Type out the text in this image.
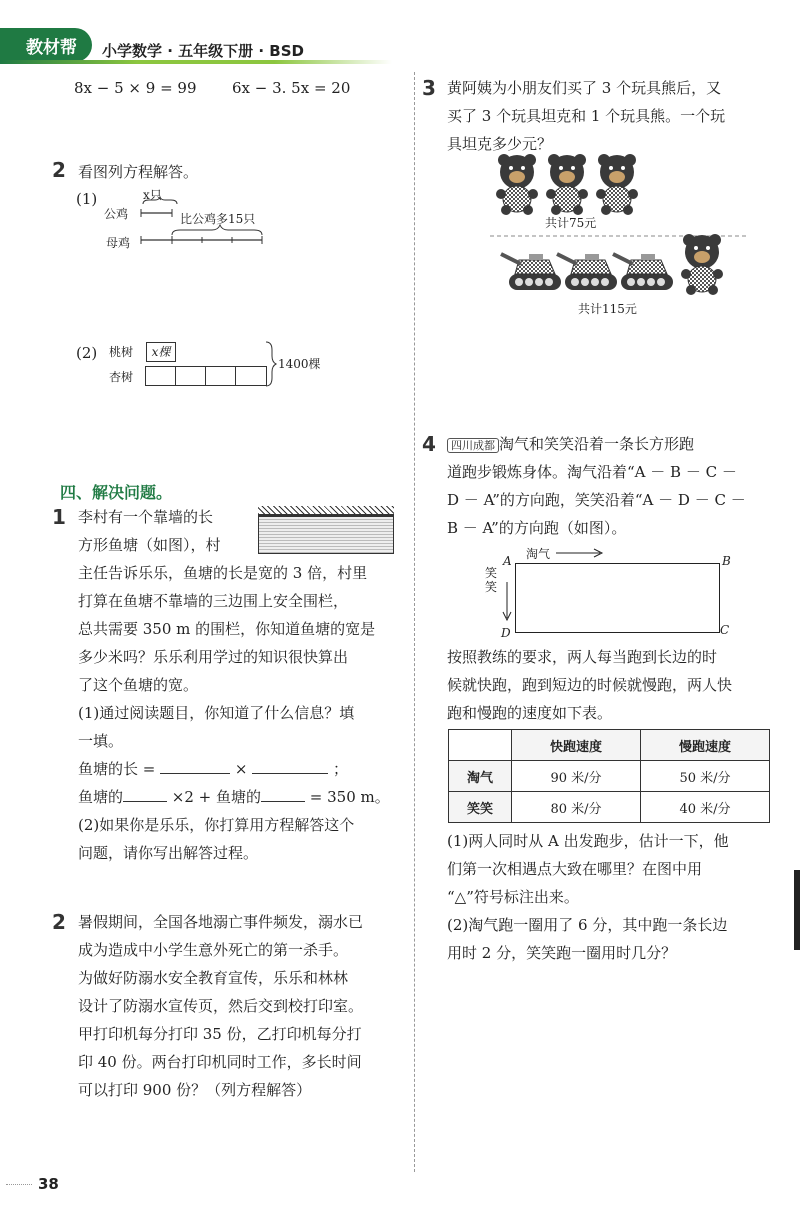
教材帮 小学数学 · 五年级下册 · BSD
8x − 5 × 9 = 99 6x − 3. 5x = 20
2 看图列方程解答。
(1)	x只
公鸡
母鸡
比公鸡多15只
(2) 桃树
杏树
x棵
1400棵
四、解决问题。
1 李村有一个靠墙的长
方形鱼塘（如图），村
主任告诉乐乐，鱼塘的长是宽的 3 倍，村里
打算在鱼塘不靠墙的三边围上安全围栏，
总共需要 350 m 的围栏，你知道鱼塘的宽是
多少米吗？乐乐利用学过的知识很快算出
了这个鱼塘的宽。
(1)通过阅读题目，你知道了什么信息？填
一填。
鱼塘的长 =	×	；
鱼塘的	×2 + 鱼塘的	= 350 m。
(2)如果你是乐乐，你打算用方程解答这个
问题，请你写出解答过程。
2 暑假期间，全国各地溺亡事件频发，溺水已
成为造成中小学生意外死亡的第一杀手。
为做好防溺水安全教育宣传，乐乐和林林
设计了防溺水宣传页，然后交到校打印室。
甲打印机每分打印 35 份，乙打印机每分打
印 40 份。两台打印机同时工作，多长时间
可以打印 900 份？（列方程解答）
38
3 黄阿姨为小朋友们买了 3 个玩具熊后，又
买了 3 个玩具坦克和 1 个玩具熊。一个玩
具坦克多少元？
共计75元
共计115元
4	四川成都 淘气和笑笑沿着一条长方形跑
道跑步锻炼身体。淘气沿着“A － B － C －
D － A”的方向跑，笑笑沿着“A － D － C －
B － A”的方向跑（如图）。
A	B
C
D
淘气
笑笑
按照教练的要求，两人每当跑到长边的时
候就快跑，跑到短边的时候就慢跑，两人快
跑和慢跑的速度如下表。
	快跑速度	慢跑速度
淘气	90 米/分	50 米/分
笑笑	80 米/分	40 米/分
(1)两人同时从 A 出发跑步，估计一下，他
们第一次相遇点大致在哪里？在图中用
“△”符号标注出来。
(2)淘气跑一圈用了 6 分，其中跑一条长边
用时 2 分，笑笑跑一圈用时几分？
